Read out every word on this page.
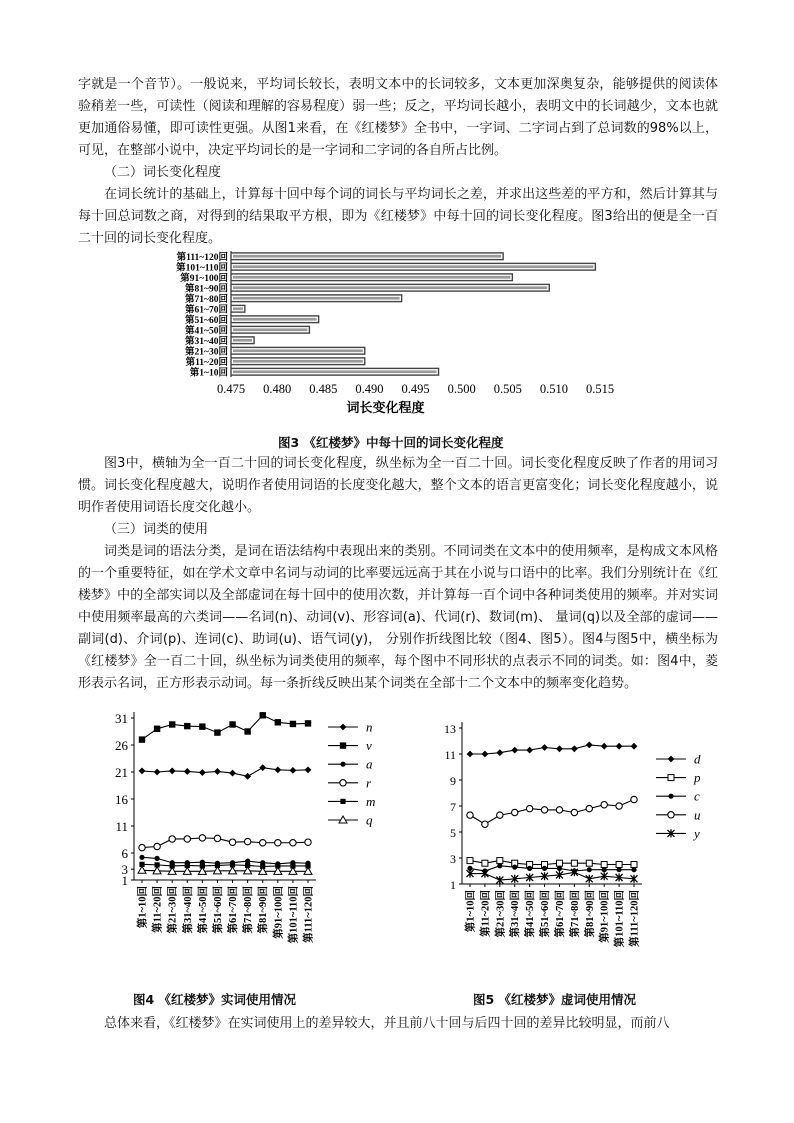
字就是一个音节）。一般说来，平均词长较长，表明文本中的长词较多，文本更加深奥复杂，能够提供的阅读体验稍差一些，可读性（阅读和理解的容易程度）弱一些；反之，平均词长越小，表明文中的长词越少，文本也就更加通俗易懂，即可读性更强。从图1来看，在《红楼梦》全书中，一字词、二字词占到了总词数的98%以上，可见，在整部小说中，决定平均词长的是一字词和二字词的各自所占比例。

（二）词长变化程度

在词长统计的基础上，计算每十回中每个词的词长与平均词长之差，并求出这些差的平方和，然后计算其与每十回总词数之商，对得到的结果取平方根，即为《红楼梦》中每十回的词长变化程度。图3给出的便是全一百二十回的词长变化程度。

第111~120回
第101~110回
第91~100回
第81~90回
第71~80回
第61~70回
第51~60回
第41~50回
第31~40回
第21~30回
第11~20回
第1~10回
0.475 0.480 0.485 0.490 0.495 0.500 0.505 0.510 0.515
词长变化程度

图3 《红楼梦》中每十回的词长变化程度

图3中，横轴为全一百二十回的词长变化程度，纵坐标为全一百二十回。词长变化程度反映了作者的用词习惯。词长变化程度越大，说明作者使用词语的长度变化越大，整个文本的语言更富变化；词长变化程度越小，说明作者使用词语长度交化越小。

（三）词类的使用

词类是词的语法分类，是词在语法结构中表现出来的类别。不同词类在文本中的使用频率，是构成文本风格的一个重要特征，如在学术文章中名词与动词的比率要远远高于其在小说与口语中的比率。我们分别统计在《红楼梦》中的全部实词以及全部虚词在每十回中的使用次数，并计算每一百个词中各种词类使用的频率。并对实词中使用频率最高的六类词——名词(n)、动词(v)、形容词(a)、代词(r)、数词(m)、 量词(q)以及全部的虚词——副词(d)、介词(p)、连词(c)、助词(u)、语气词(y)， 分别作折线图比较（图4、图5）。图4与图5中，横坐标为《红楼梦》全一百二十回，纵坐标为词类使用的频率，每个图中不同形状的点表示不同的词类。如：图4中，菱形表示名词，正方形表示动词。每一条折线反映出某个词类在全部十二个文本中的频率变化趋势。

1
3
6
11
16
21
26
31
第1~10回 第11~20回 第21~30回 第31~40回 第41~50回 第51~60回 第61~70回 第71~80回 第81~90回 第91~100回 第101~110回 第111~120回
n
v
a
r
m
q
1
3
5
7
9
11
13
第1~10回 第11~20回 第21~30回 第31~40回 第41~50回 第51~60回 第61~70回 第71~80回 第81~90回 第91~100回 第101~110回 第111~120回
d
p
c
u
y

图4 《红楼梦》实词使用情况	图5 《红楼梦》虚词使用情况

总体来看，《红楼梦》在实词使用上的差异较大，并且前八十回与后四十回的差异比较明显，而前八
